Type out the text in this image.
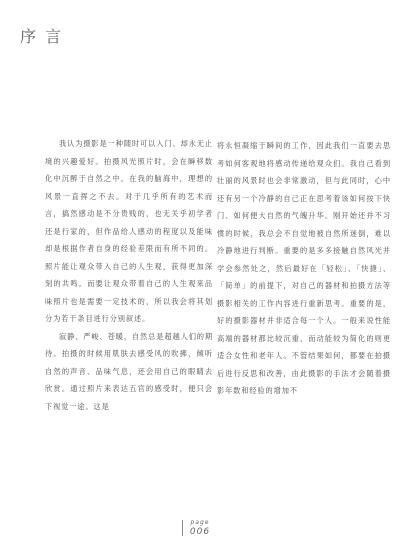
序 言

我认为摄影是一种随时可以入门、却永无止境的兴趣爱好。拍摄风光照片时，会在瞬移数化中沉醉于自然之中。在我的脑海中，理想的风景一直挥之不去。对于几乎所有的艺术而言，搞然感动是不分贵贱的，也无关乎初学者还是行家的，但作品给人感动的程度以及能味却是根据作者自身的经验差限而有所不同的。照片能让观众带入自己的人生观，获得更加深刻的共鸣。而要让观众带着自己的人生观来品味照片也是需要一定技术的，所以我会将其划分为若干条目进行分别叙述。

寂静、严峻、苍暖，自然总是超越人们的期待。拍摄的时候用肌肤去感受风的吹拂，倾听自然的声音、品味气息，还会用自己的眼睛去欣赏。通过照片来表达五官的感受时，便只会下视觉一途。这是

将永恒凝缩于瞬间的工作，因此我们一直要去思考如何客观地将感动传递给观众们。我自己看到壮丽的风景时也会非常激动，但与此同时，心中还有另一个冷静的自己正在思考着该如何按下快门、如何便大自然的气魄升华。刚开始还并不习惯的时候，我总会不自觉地被自然所迷倒，难以冷静地进行判断。重要的是多多接触自然风光并学会参然处之，然后最好在「轻松」、「快捷」、「简单」的前提下，对自己的器材和拍摄方法等摄影相关的工作内容进行重新思考。重要的是，好的摄影器材并非适合每一个人。一般来说性能高端的器材都比较沉重，而动能较为简化的则更适合女性和老年人。不管结果如何，都要在拍摄后进行反思和改善，由此摄影的手法才会随着摄影年数和经验的增加不

page
006
